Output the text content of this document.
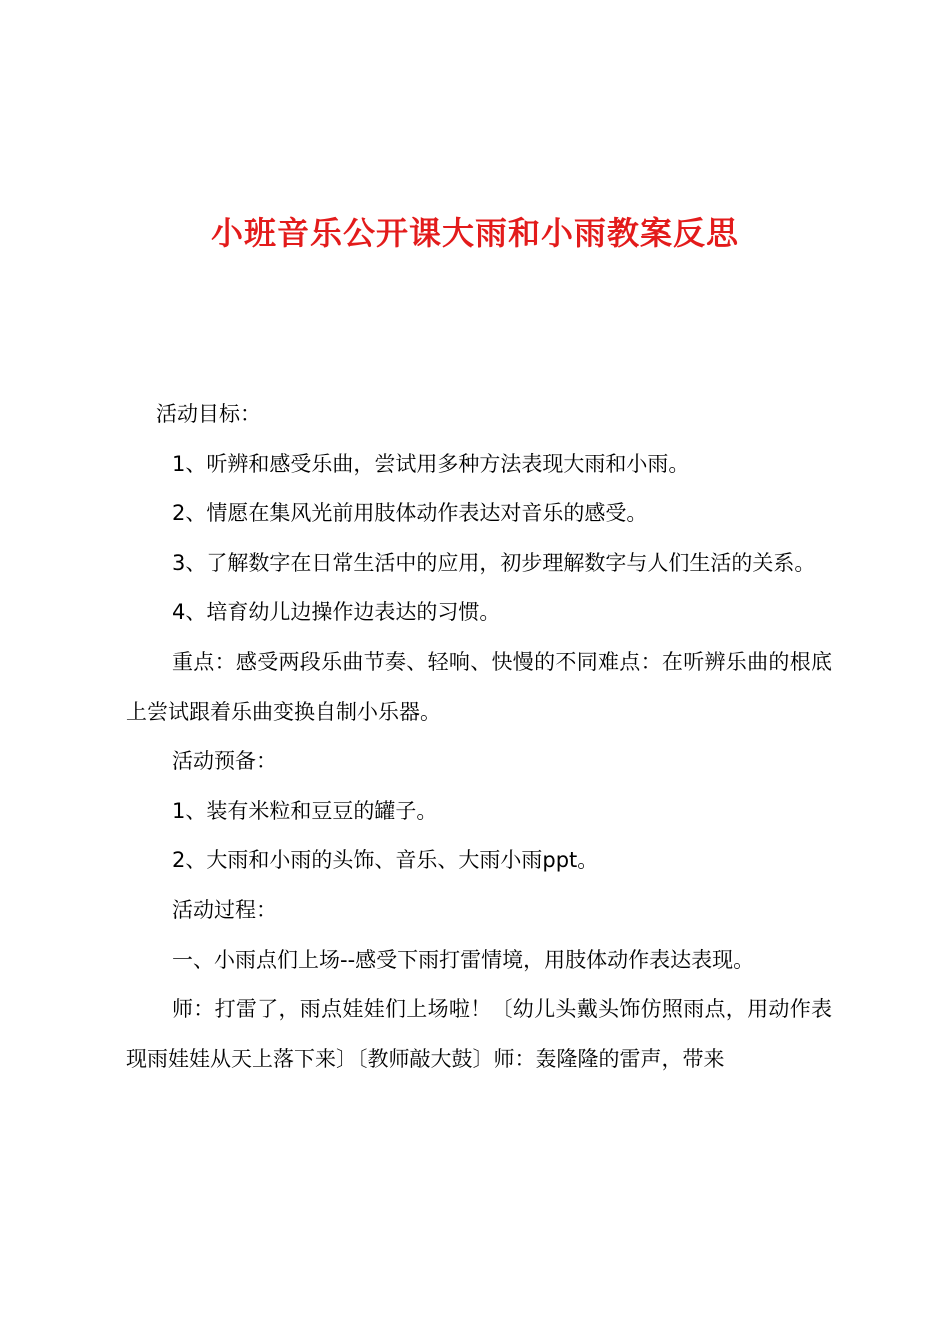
小班音乐公开课大雨和小雨教案反思

活动目标：

1、听辨和感受乐曲，尝试用多种方法表现大雨和小雨。

2、情愿在集风光前用肢体动作表达对音乐的感受。

3、了解数字在日常生活中的应用，初步理解数字与人们生活的关系。

4、培育幼儿边操作边表达的习惯。

重点：感受两段乐曲节奏、轻响、快慢的不同难点：在听辨乐曲的根底上尝试跟着乐曲变换自制小乐器。

活动预备：

1、装有米粒和豆豆的罐子。

2、大雨和小雨的头饰、音乐、大雨小雨ppt。

活动过程：

一、小雨点们上场--感受下雨打雷情境，用肢体动作表达表现。

师：打雷了，雨点娃娃们上场啦！〔幼儿头戴头饰仿照雨点，用动作表现雨娃娃从天上落下来〕〔教师敲大鼓〕师：轰隆隆的雷声，带来
